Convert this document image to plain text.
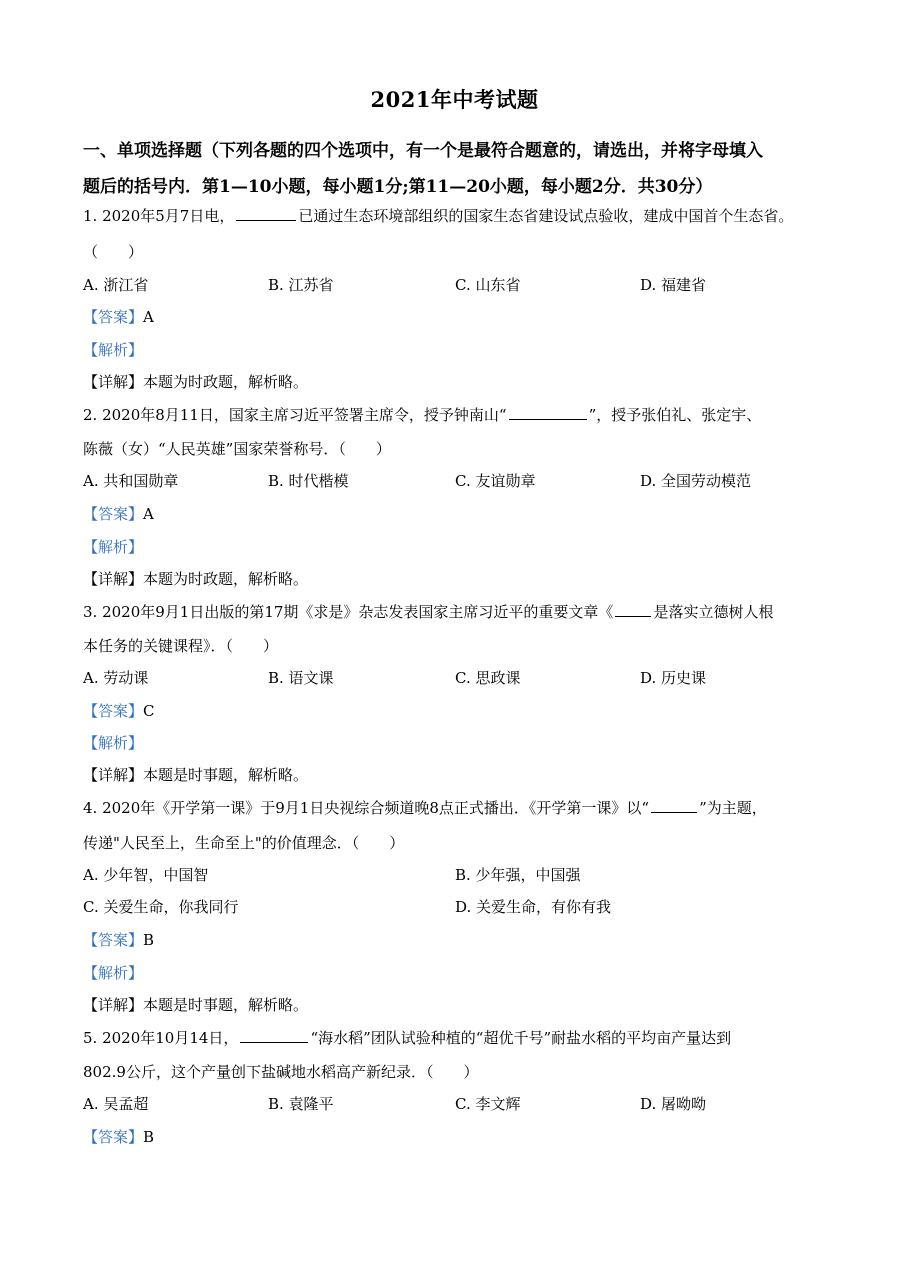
2021年中考试题
一、单项选择题（下列各题的四个选项中，有一个是最符合题意的，请选出，并将字母填入
题后的括号内．第1—10小题，每小题1分;第11—20小题，每小题2分．共30分）
1. 2020年5月7日电，	已通过生态环境部组织的国家生态省建设试点验收，建成中国首个生态省。
（　　）
A. 浙江省	B. 江苏省	C. 山东省	D. 福建省
【答案】A
【解析】
【详解】本题为时政题，解析略。
2. 2020年8月11日，国家主席习近平签署主席令，授予钟南山“	”，授予张伯礼、张定宇、
陈薇（女）“人民英雄”国家荣誉称号．（　　）
A. 共和国勋章	B. 时代楷模	C. 友谊勋章	D. 全国劳动模范
【答案】A
【解析】
【详解】本题为时政题，解析略。
3. 2020年9月1日出版的第17期《求是》杂志发表国家主席习近平的重要文章《	是落实立德树人根
本任务的关键课程》．（　　）
A. 劳动课	B. 语文课	C. 思政课	D. 历史课
【答案】C
【解析】
【详解】本题是时事题，解析略。
4. 2020年《开学第一课》于9月1日央视综合频道晚8点正式播出．《开学第一课》以“	”为主题，
传递"人民至上，生命至上"的价值理念．（　　）
A. 少年智，中国智	B. 少年强，中国强
C. 关爱生命，你我同行	D. 关爱生命，有你有我
【答案】B
【解析】
【详解】本题是时事题，解析略。
5. 2020年10月14日，	“海水稻”团队试验种植的“超优千号”耐盐水稻的平均亩产量达到
802.9公斤，这个产量创下盐碱地水稻高产新纪录．（　　）
A. 吴孟超	B. 袁隆平	C. 李文辉	D. 屠呦呦
【答案】B
